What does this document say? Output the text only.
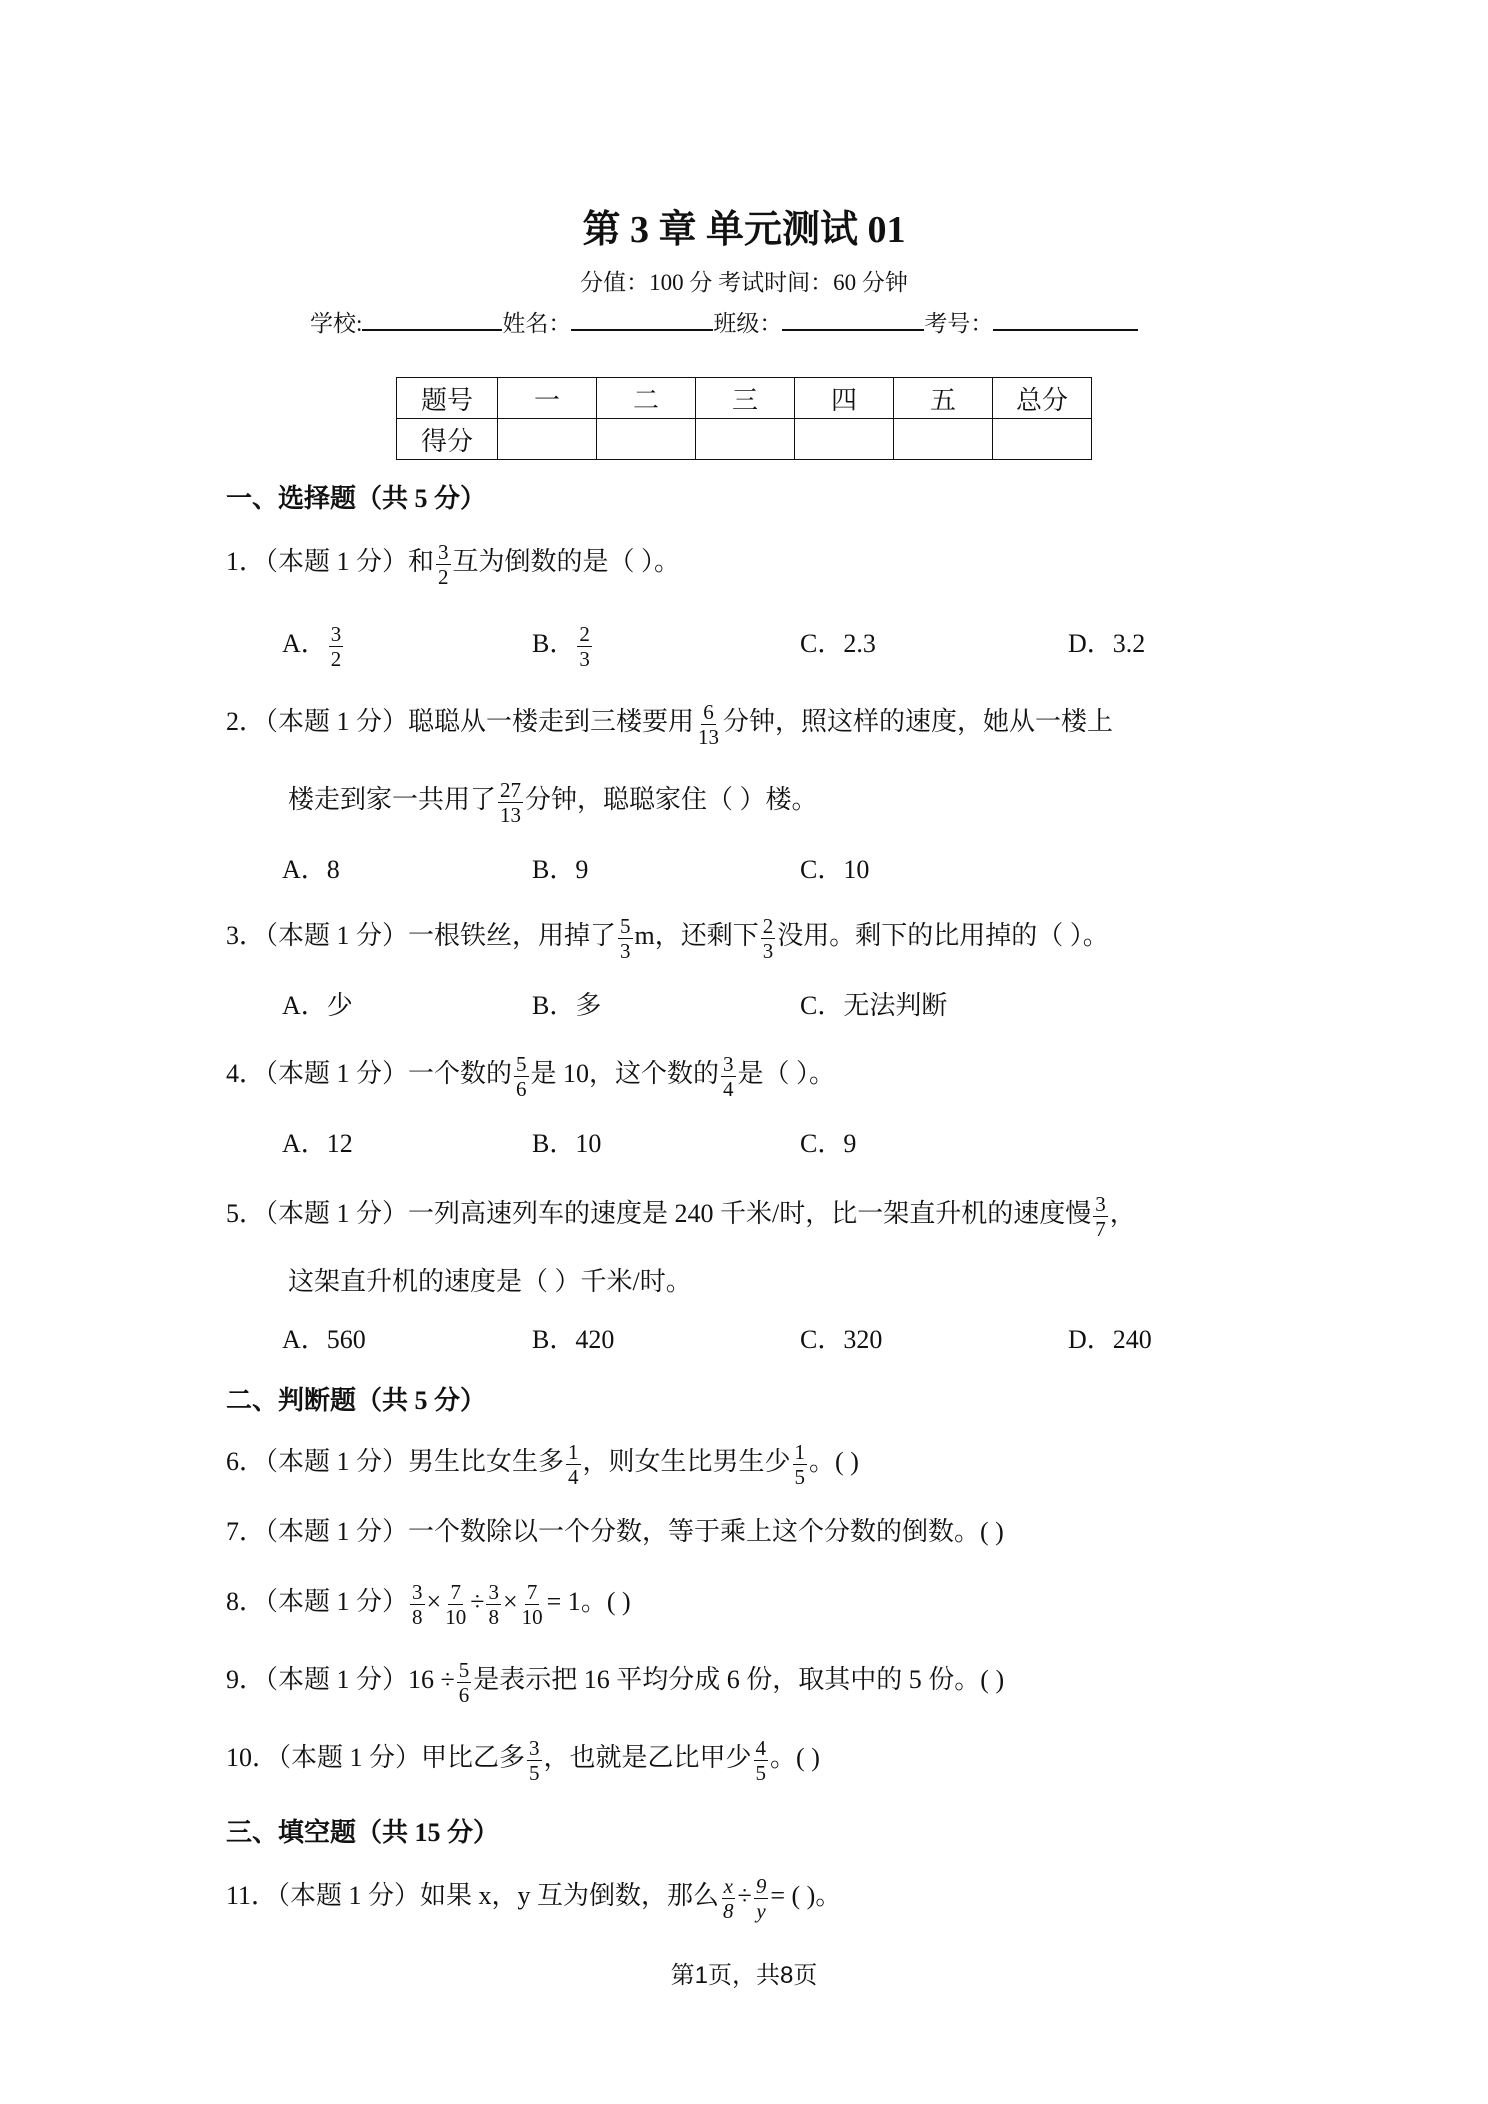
第 3 章 单元测试 01
分值：100 分 考试时间：60 分钟
学校:	姓名：	班级：	考号：
题号	一	二	三	四	五	总分
得分						
一、选择题（共 5 分）
1．（本题 1 分）和 $\frac{3}{2}$ 互为倒数的是（ ）。
A． $\frac{3}{2}$	B． $\frac{2}{3}$	C．2.3	D．3.2
2．（本题 1 分）聪聪从一楼走到三楼要用 $\frac{6}{13}$ 分钟，照这样的速度，她从一楼上
楼走到家一共用了 $\frac{27}{13}$ 分钟，聪聪家住（ ）楼。
A．8	B．9	C．10
3．（本题 1 分）一根铁丝，用掉了 $\frac{5}{3}$ m，还剩下 $\frac{2}{3}$ 没用。剩下的比用掉的（ ）。
A．少	B．多	C．无法判断
4．（本题 1 分）一个数的 $\frac{5}{6}$ 是 10，这个数的 $\frac{3}{4}$ 是（ ）。
A．12	B．10	C．9
5．（本题 1 分）一列高速列车的速度是 240 千米/时，比一架直升机的速度慢 $\frac{3}{7}$ ，
这架直升机的速度是（ ）千米/时。
A．560	B．420	C．320	D．240
二、判断题（共 5 分）
6．（本题 1 分）男生比女生多 $\frac{1}{4}$ ，则女生比男生少 $\frac{1}{5}$ 。( )
7．（本题 1 分）一个数除以一个分数，等于乘上这个分数的倒数。( )
8．（本题 1 分） $\frac{3}{8} \times \frac{7}{10} \div \frac{3}{8} \times \frac{7}{10} = 1$。( )
9．（本题 1 分）$16 \div \frac{5}{6}$ 是表示把 16 平均分成 6 份，取其中的 5 份。( )
10．（本题 1 分）甲比乙多 $\frac{3}{5}$ ，也就是乙比甲少 $\frac{4}{5}$ 。( )
三、填空题（共 15 分）
11．（本题 1 分）如果 x，y 互为倒数，那么 $\frac{x}{8} \div \frac{9}{y}$ = ( )。
第1页，共8页
